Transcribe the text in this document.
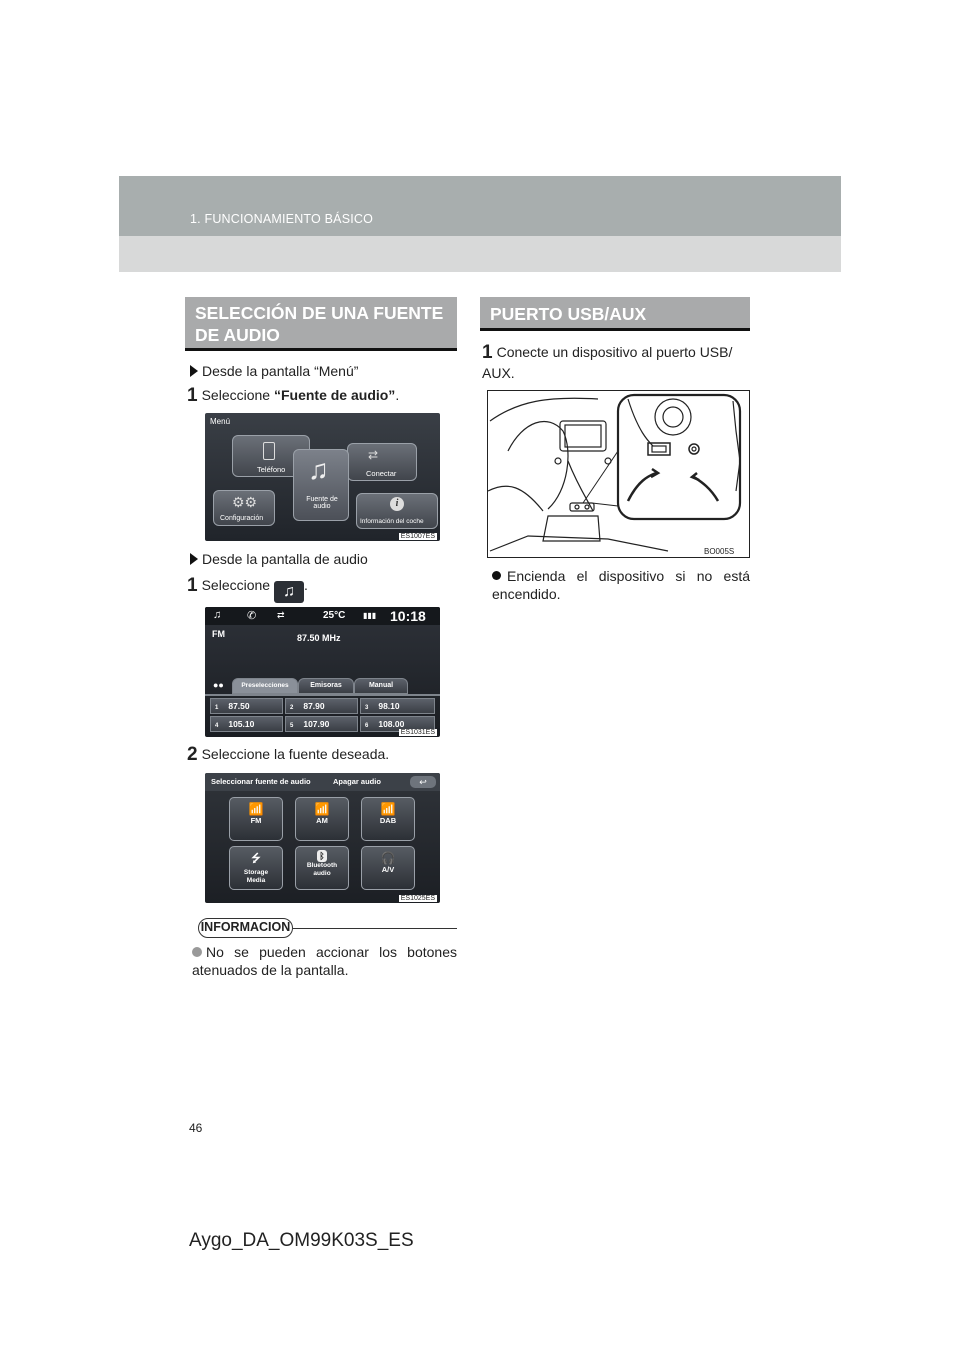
1. FUNCIONAMIENTO BÁSICO
SELECCIÓN DE UNA FUENTE DE AUDIO
Desde la pantalla “Menú”
1 Seleccione “Fuente de audio”.
Menú
Teléfono
⇄
Conectar
♫
Fuente de audio
⚙⚙
Configuración
i
Información del coche
ES1007ES
Desde la pantalla de audio
1 Seleccione ♫ .
♫ ✆ ⇄	25°C ▮▮▮ 10:18
FM	87.50 MHz
●●	Preselecciones	Emisoras	Manual
1 87.50	2 87.90	3 98.10
4 105.10	5 107.90	6 108.00
ES1031ES
2 Seleccione la fuente deseada.
Seleccionar fuente de audio	Apagar audio	↩
📶
FM
📶
AM
📶
DAB
⭍
Storage Media
ᛒ
Bluetooth audio
🎧
A/V
ES1025ES
INFORMACION
No se pueden accionar los botones atenuados de la pantalla.
PUERTO USB/AUX
1 Conecte un dispositivo al puerto USB/ AUX.
BO005S
Encienda el dispositivo si no está encendido.
46
Aygo_DA_OM99K03S_ES
